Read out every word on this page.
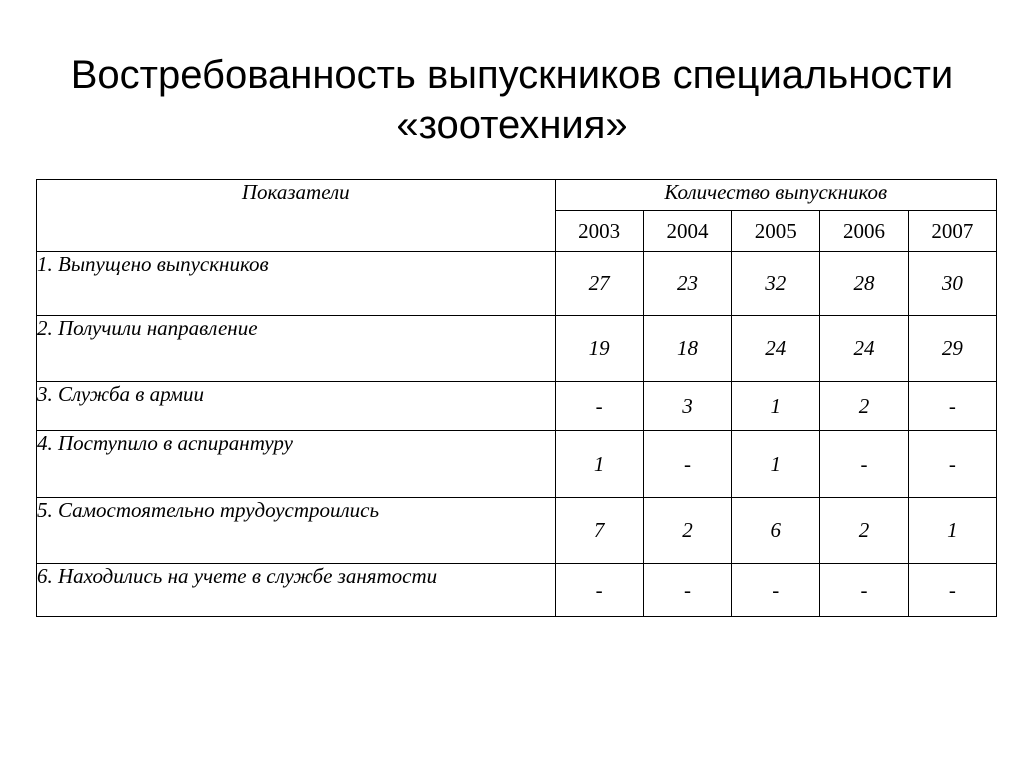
Востребованность выпускников специальности
«зоотехния»
Показатели	Количество выпускников				
	2003	2004	2005	2006	2007
1. Выпущено выпускников	27	23	32	28	30
2. Получили направление	19	18	24	24	29
3. Служба в армии	-	3	1	2	-
4. Поступило в аспирантуру	1	-	1	-	-
5. Самостоятельно трудоустроились	7	2	6	2	1
6. Находились на учете в службе занятости	-	-	-	-	-
